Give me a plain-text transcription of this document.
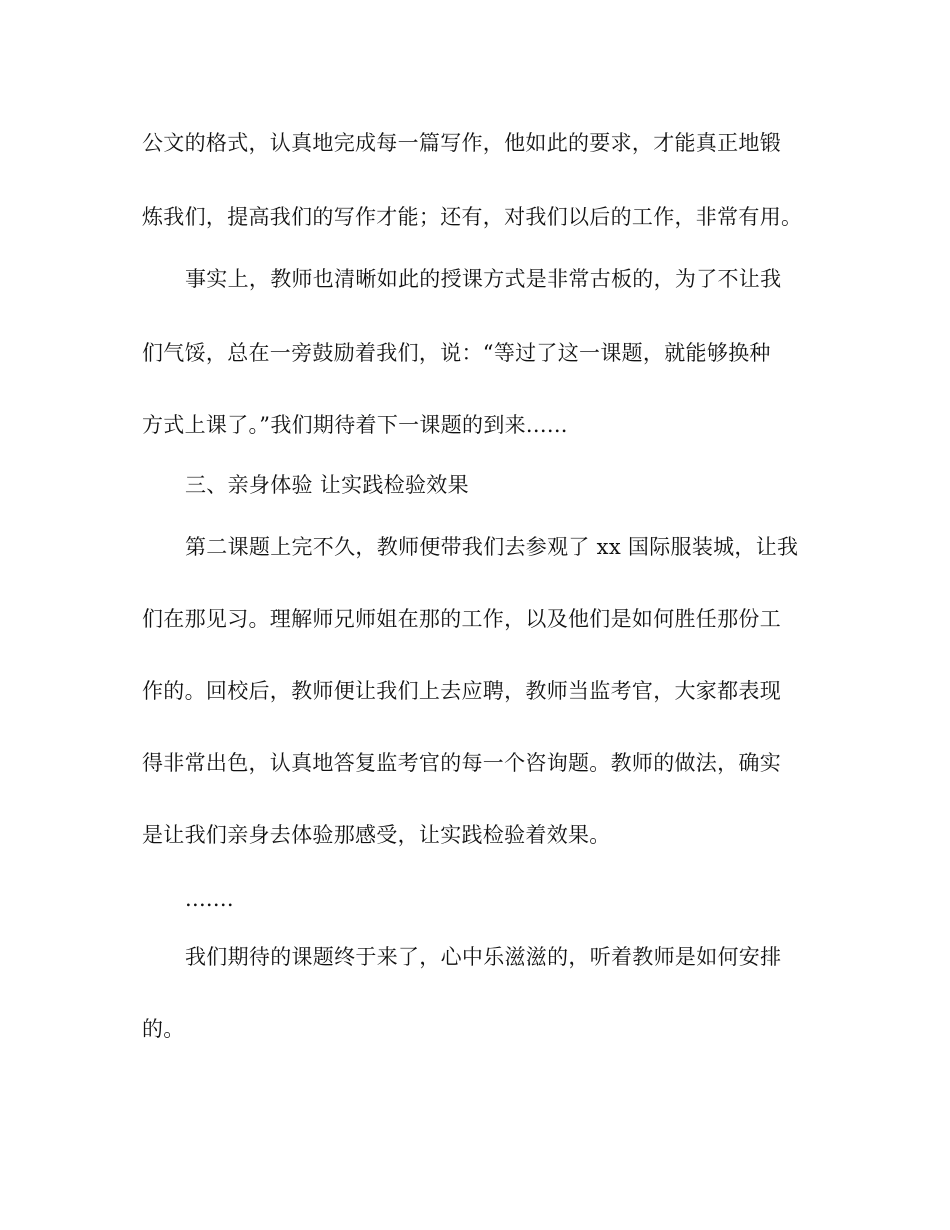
公文的格式，认真地完成每一篇写作，他如此的要求，才能真正地锻
炼我们，提高我们的写作才能；还有，对我们以后的工作，非常有用。
事实上，教师也清晰如此的授课方式是非常古板的，为了不让我
们气馁，总在一旁鼓励着我们，说：“等过了这一课题，就能够换种
方式上课了。”我们期待着下一课题的到来......
三、亲身体验 让实践检验效果
第二课题上完不久，教师便带我们去参观了 xx 国际服装城，让我
们在那见习。理解师兄师姐在那的工作，以及他们是如何胜任那份工
作的。回校后，教师便让我们上去应聘，教师当监考官，大家都表现
得非常出色，认真地答复监考官的每一个咨询题。教师的做法，确实
是让我们亲身去体验那感受，让实践检验着效果。
.......
我们期待的课题终于来了，心中乐滋滋的，听着教师是如何安排
的。
